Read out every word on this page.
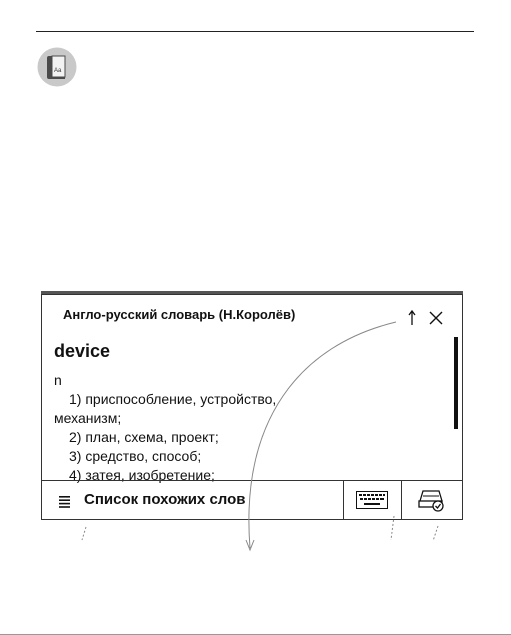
Aa
Англо-русский словарь (Н.Королёв)
device
n
1) приспособление, устройство,
механизм;
2) план, схема, проект;
3) средство, способ;
4) затея, изобретение;
Список похожих слов
